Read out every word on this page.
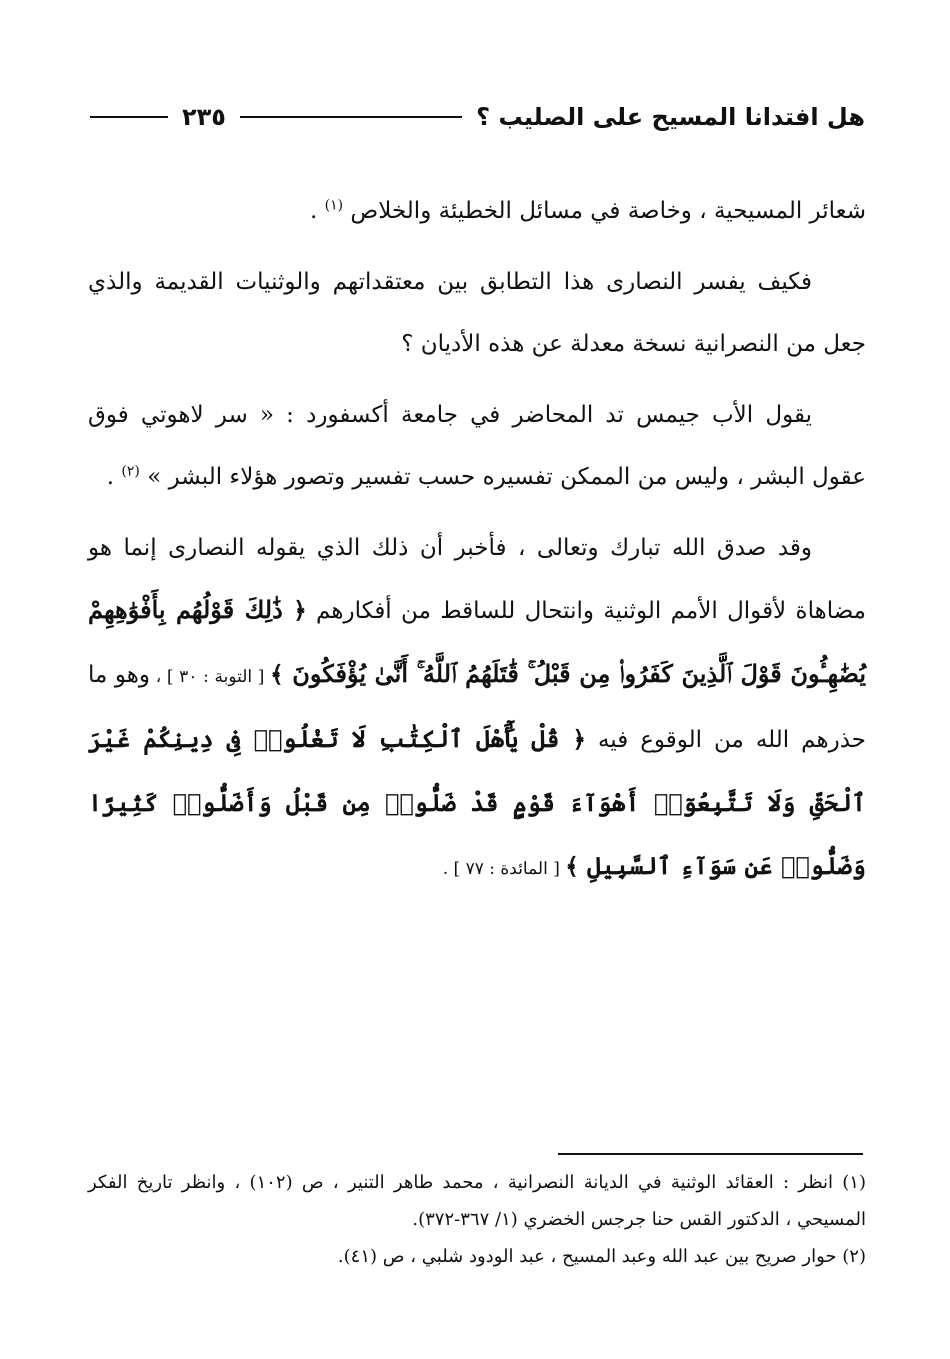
هل افتدانا المسيح على الصليب ؟
٢٣٥

شعائر المسيحية ، وخاصة في مسائل الخطيئة والخلاص $^{(١)}$ .

فكيف يفسر النصارى هذا التطابق بين معتقداتهم والوثنيات القديمة والذي جعل من النصرانية نسخة معدلة عن هذه الأديان ؟

يقول الأب جيمس تد المحاضر في جامعة أكسفورد : « سر لاهوتي فوق عقول البشر ، وليس من الممكن تفسيره حسب تفسير وتصور هؤلاء البشر » $^{(٢)}$ .

وقد صدق الله تبارك وتعالى ، فأخبر أن ذلك الذي يقوله النصارى إنما هو مضاهاة لأقوال الأمم الوثنية وانتحال للساقط من أفكارهم ﴿ ذَٰلِكَ قَوْلُهُم بِأَفْوَٰهِهِمْ يُضَٰهِـُٔونَ قَوْلَ ٱلَّذِينَ كَفَرُوا۟ مِن قَبْلُ ۚ قَٰتَلَهُمُ ٱللَّهُ ۚ أَنَّىٰ يُؤْفَكُونَ ﴾ [ التوبة : ٣٠ ] ، وهو ما حذرهم الله من الوقوع فيه ﴿ قُلْ يَٰٓأَهْلَ ٱلْكِتَٰبِ لَا تَغْلُوا۟ فِى دِينِكُمْ غَيْرَ ٱلْحَقِّ وَلَا تَتَّبِعُوٓا۟ أَهْوَآءَ قَوْمٍ قَدْ ضَلُّوا۟ مِن قَبْلُ وَأَضَلُّوا۟ كَثِيرًا وَضَلُّوا۟ عَن سَوَآءِ ٱلسَّبِيلِ ﴾ [ المائدة : ٧٧ ] .

(١) انظر : العقائد الوثنية في الديانة النصرانية ، محمد طاهر التنير ، ص (١٠٢) ، وانظر تاريخ الفكر المسيحي ، الدكتور القس حنا جرجس الخضري (١/ ٣٦٧-٣٧٢).

(٢) حوار صريح بين عبد الله وعبد المسيح ، عبد الودود شلبي ، ص (٤١).
